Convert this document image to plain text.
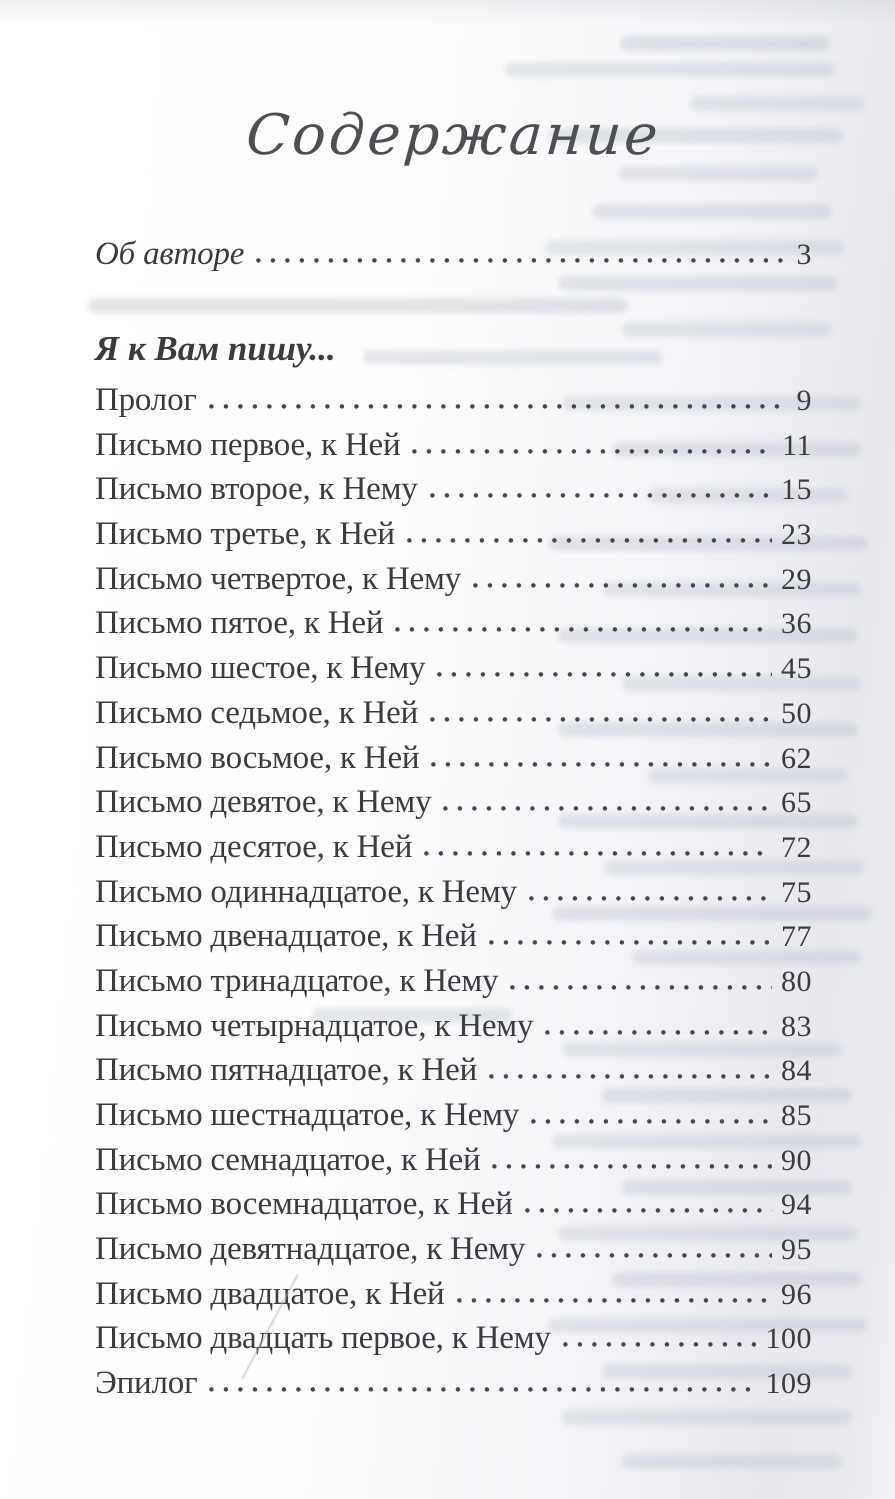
Содержание
Об авторе	3
Я к Вам пишу...
Пролог	9
Письмо первое, к Ней	11
Письмо второе, к Нему	15
Письмо третье, к Ней	23
Письмо четвертое, к Нему	29
Письмо пятое, к Ней	36
Письмо шестое, к Нему	45
Письмо седьмое, к Ней	50
Письмо восьмое, к Ней	62
Письмо девятое, к Нему	65
Письмо десятое, к Ней	72
Письмо одиннадцатое, к Нему	75
Письмо двенадцатое, к Ней	77
Письмо тринадцатое, к Нему	80
Письмо четырнадцатое, к Нему	83
Письмо пятнадцатое, к Ней	84
Письмо шестнадцатое, к Нему	85
Письмо семнадцатое, к Ней	90
Письмо восемнадцатое, к Ней	94
Письмо девятнадцатое, к Нему	95
Письмо двадцатое, к Ней	96
Письмо двадцать первое, к Нему	100
Эпилог	109
